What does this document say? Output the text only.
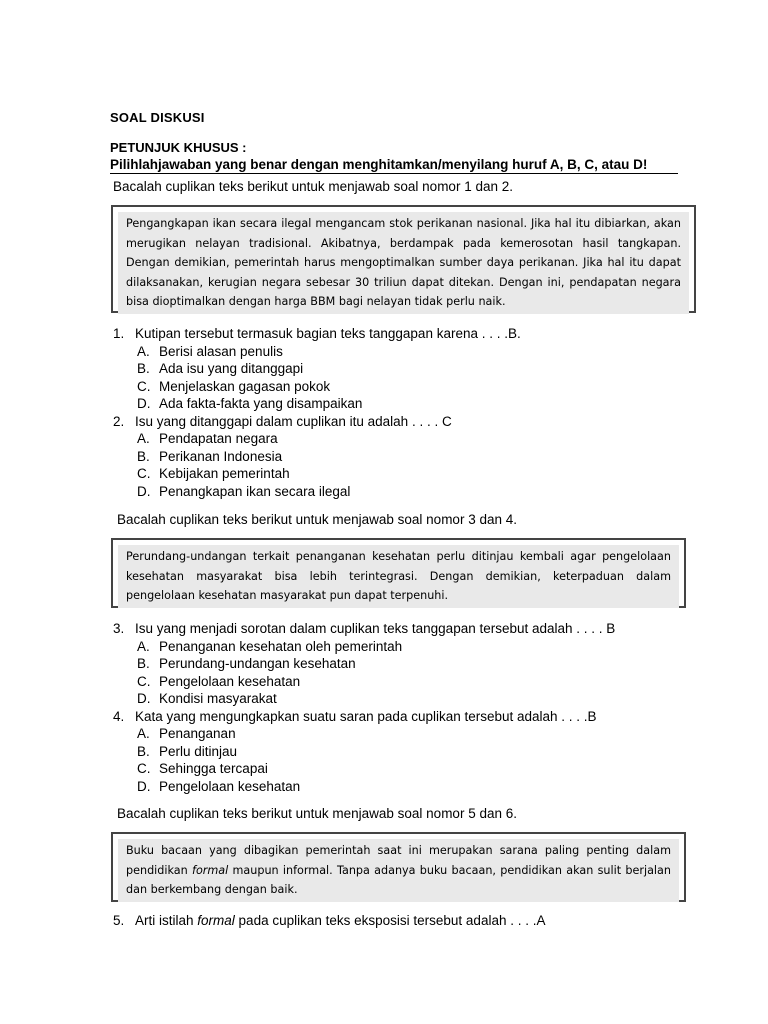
SOAL DISKUSI
PETUNJUK KHUSUS :
Pilihlahjawaban yang benar dengan menghitamkan/menyilang huruf A, B, C, atau D!
Bacalah cuplikan teks berikut untuk menjawab soal nomor 1 dan 2.
Pengangkapan ikan secara ilegal mengancam stok perikanan nasional. Jika hal itu dibiarkan, akan merugikan nelayan tradisional. Akibatnya, berdampak pada kemerosotan hasil tangkapan. Dengan demikian, pemerintah harus mengoptimalkan sumber daya perikanan. Jika hal itu dapat dilaksanakan, kerugian negara sebesar 30 triliun dapat ditekan. Dengan ini, pendapatan negara bisa dioptimalkan dengan harga BBM bagi nelayan tidak perlu naik.
1. Kutipan tersebut termasuk bagian teks tanggapan karena . . . .B.
A. Berisi alasan penulis
B. Ada isu yang ditanggapi
C. Menjelaskan gagasan pokok
D. Ada fakta-fakta yang disampaikan
2. Isu yang ditanggapi dalam cuplikan itu adalah . . . . C
A. Pendapatan negara
B. Perikanan Indonesia
C. Kebijakan pemerintah
D. Penangkapan ikan secara ilegal
Bacalah cuplikan teks berikut untuk menjawab soal nomor 3 dan 4.
Perundang-undangan terkait penanganan kesehatan perlu ditinjau kembali agar pengelolaan kesehatan masyarakat bisa lebih terintegrasi. Dengan demikian, keterpaduan dalam pengelolaan kesehatan masyarakat pun dapat terpenuhi.
3. Isu yang menjadi sorotan dalam cuplikan teks tanggapan tersebut adalah . . . . B
A. Penanganan kesehatan oleh pemerintah
B. Perundang-undangan kesehatan
C. Pengelolaan kesehatan
D. Kondisi masyarakat
4. Kata yang mengungkapkan suatu saran pada cuplikan tersebut adalah . . . .B
A. Penanganan
B. Perlu ditinjau
C. Sehingga tercapai
D. Pengelolaan kesehatan
Bacalah cuplikan teks berikut untuk menjawab soal nomor 5 dan 6.
Buku bacaan yang dibagikan pemerintah saat ini merupakan sarana paling penting dalam pendidikan formal maupun informal. Tanpa adanya buku bacaan, pendidikan akan sulit berjalan dan berkembang dengan baik.
5. Arti istilah formal pada cuplikan teks eksposisi tersebut adalah . . . .A
